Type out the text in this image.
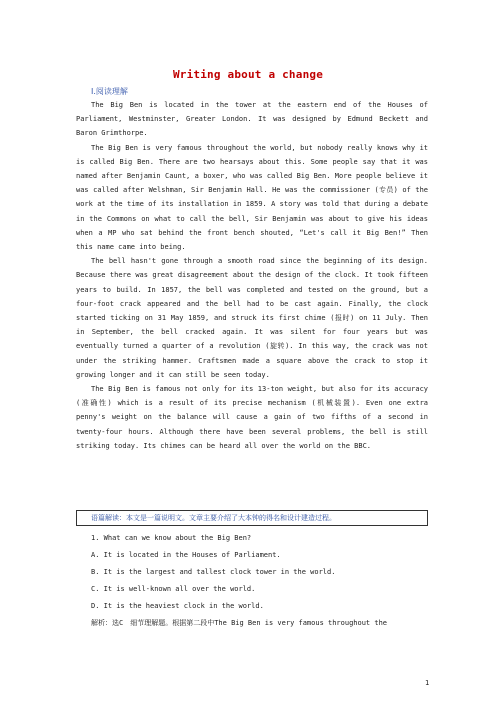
Writing about a change
Ⅰ.阅读理解

The Big Ben is located in the tower at the eastern end of the Houses of Parliament, Westminster, Greater London. It was designed by Edmund Beckett and Baron Grimthorpe.

The Big Ben is very famous throughout the world, but nobody really knows why it is called Big Ben. There are two hearsays about this. Some people say that it was named after Benjamin Caunt, a boxer, who was called Big Ben. More people believe it was called after Welshman, Sir Benjamin Hall. He was the commissioner (专员) of the work at the time of its installation in 1859. A story was told that during a debate in the Commons on what to call the bell, Sir Benjamin was about to give his ideas when a MP who sat behind the front bench shouted, “Let's call it Big Ben!” Then this name came into being.

The bell hasn't gone through a smooth road since the beginning of its design. Because there was great disagreement about the design of the clock. It took fifteen years to build. In 1857, the bell was completed and tested on the ground, but a four-foot crack appeared and the bell had to be cast again. Finally, the clock started ticking on 31 May 1859, and struck its first chime (报时) on 11 July. Then in September, the bell cracked again. It was silent for four years but was eventually turned a quarter of a revolution (旋转). In this way, the crack was not under the striking hammer. Craftsmen made a square above the crack to stop it growing longer and it can still be seen today.

The Big Ben is famous not only for its 13-ton weight, but also for its accuracy (准确性) which is a result of its precise mechanism (机械装置). Even one extra penny's weight on the balance will cause a gain of two fifths of a second in twenty-four hours. Although there have been several problems, the bell is still striking today. Its chimes can be heard all over the world on the BBC.

语篇解读：本文是一篇说明文。文章主要介绍了大本钟的得名和设计建造过程。
1. What can we know about the Big Ben?
A. It is located in the Houses of Parliament.
B. It is the largest and tallest clock tower in the world.
C. It is well-known all over the world.
D. It is the heaviest clock in the world.
解析：选C　细节理解题。根据第二段中The Big Ben is very famous throughout the
1
